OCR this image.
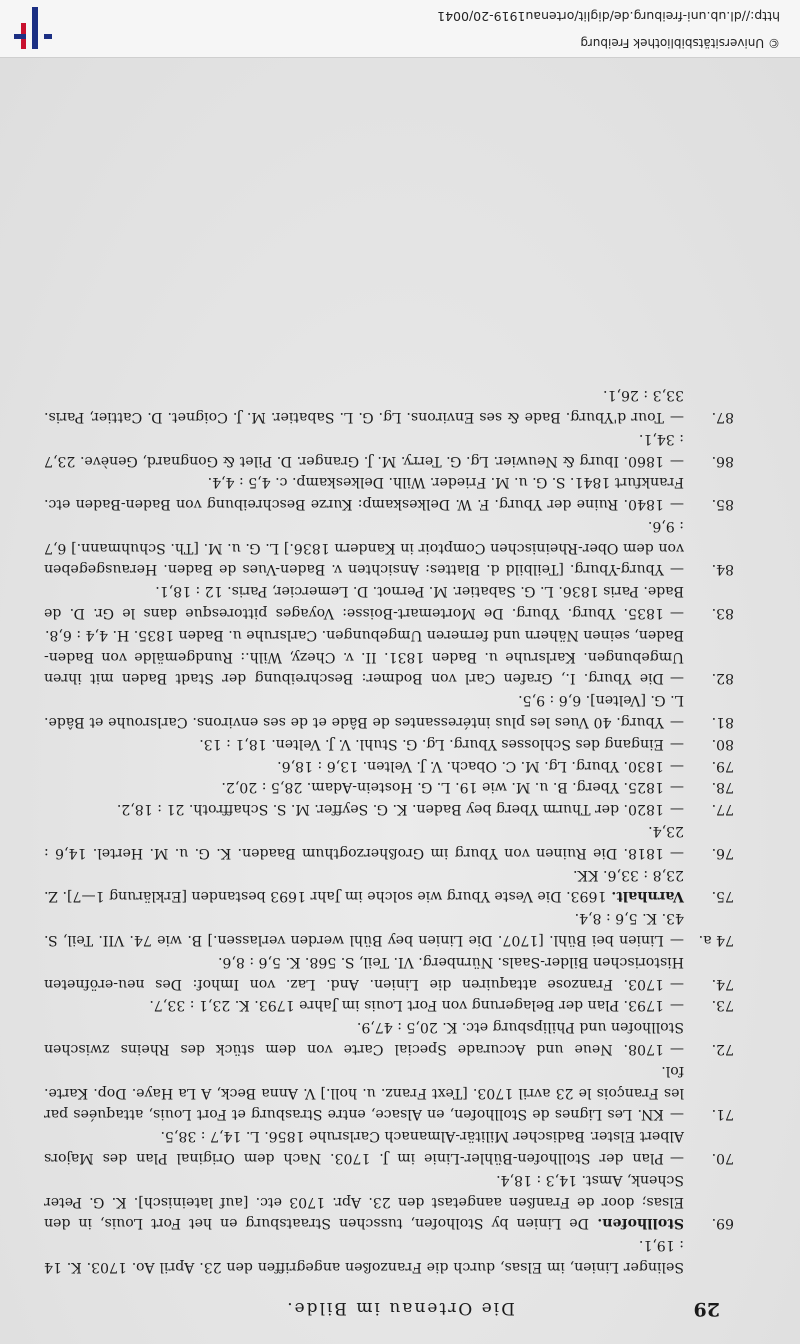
29
Die Ortenau im Bilde.
Selinger Linien, im Elsas, durch die Franzoßen angegriffen den 23. April Ao. 1703. K. 14 : 19,1.
69.
Stollhofen. De Linien by Stolhofen, tusschen Straatsburg en het Fort Louis, in den Elsas; door de Franßen aangetast den 23. Apr. 1703 etc. [auf lateinisch]. K. G. Peter Schenk, Amst. 14,3 : 18,4.
70.
—Plan der Stollhofen-Bühler-Linie im J. 1703. Nach dem Original Plan des Majors Albert Elster. Badischer Militär-Almanach Carlsruhe 1856. L. 14,7 : 38,5.
71.
—KN. Les Lignes de Stollhofen, en Alsace, entre Strasburg et Fort Louis, attaquées par les François le 23 avril 1703. [Text Franz. u. holl.] V. Anna Beck, A La Haye. Dop. Karte. fol.
72.
—1708. Neue und Accurade Special Carte von dem stück des Rheins zwischen Stollhofen und Philipsburg etc. K. 20,5 : 47,9.
73.
—1793. Plan der Belagerung von Fort Louis im Jahre 1793. K. 23,1 : 33,7.
74.
—1703. Franzose attaquiren die Linien. And. Laz. von Imhof: Des neu-eröfneten Historischen Bilder-Saals. Nürnberg. VI. Teil, S. 568. K. 5,6 : 8,6.
74 a.
—Linien bei Bühl. [1707. Die Linien bey Bühl werden verlassen.] B. wie 74. VII. Teil, S. 43. K. 5,6 : 8,4.
75.
Varnhalt. 1693. Die Veste Yburg wie solche im Jahr 1693 bestanden [Erklärung 1—7]. Z. 23,8 : 33,6. KK.
76.
—1818. Die Ruinen von Yburg im Großherzogthum Baaden. K. G. u. M. Hertel. 14,6 : 23,4.
77.
—1820. der Thurm Yberg bey Baden. K. G. Seyffer. M. S. Schaffroth. 21 : 18,2.
78.
—1825. Yberg. B. u. M. wie 19. L. G. Hostein-Adam. 28,5 : 20,2.
79.
—1830. Yburg. Lg. M. C. Obach. V. J. Velten. 13,6 : 18,6.
80.
—Eingang des Schlosses Yburg. Lg. G. Stuhl. V. J. Velten. 18,1 : 13.
81.
—Yburg. 40 Vues les plus intéressantes de Bâde et de ses environs. Carlsrouhe et Bâde. L. G. [Velten]. 6,6 : 9,5.
82.
—Die Yburg. I., Grafen Carl von Bodmer: Beschreibung der Stadt Baden mit ihren Umgebungen. Karlsruhe u. Baden 1831. II. v. Chezy, Wilh.: Rundgemälde von Baden-Baden, seinen Nähern und ferneren Umgebungen. Carlsruhe u. Baden 1835. H. 4,4 : 6,8.
83.
—1835. Yburg. Yburg. De Mortemart-Boisse: Voyages pittoresque dans le Gr. D. de Bade. Paris 1836. L. G. Sabatier. M. Pernot. D. Lemercier, Paris. 12 : 18,1.
84.
—Yburg-Yburg. [Teilbild d. Blattes: Ansichten v. Baden-Vues de Baden. Herausgegeben von dem Ober-Rheinischen Comptoir in Kandern 1836.] L. G. u. M. [Th. Schuhmann.] 6,7 : 9,6.
85.
—1840. Ruine der Yburg. F. W. Delkeskamp: Kurze Beschreibung von Baden-Baden etc. Frankfurt 1841. S. G. u. M. Frieder. Wilh. Delkeskamp. c. 4,5 : 4,4.
86.
—1860. Iburg & Neuwier. Lg. G. Terry. M. J. Granger. D. Pilet & Gongnard, Genève. 23,7 : 34,1.
87.
—Tour d'Yburg. Bade & ses Environs. Lg. G. L. Sabatier. M. J. Coignet. D. Cattier, Paris. 33,3 : 26,1.
© Universitätsbibliothek Freiburg
http://dl.ub.uni-freiburg.de/diglit/ortenau1919-20/0041
